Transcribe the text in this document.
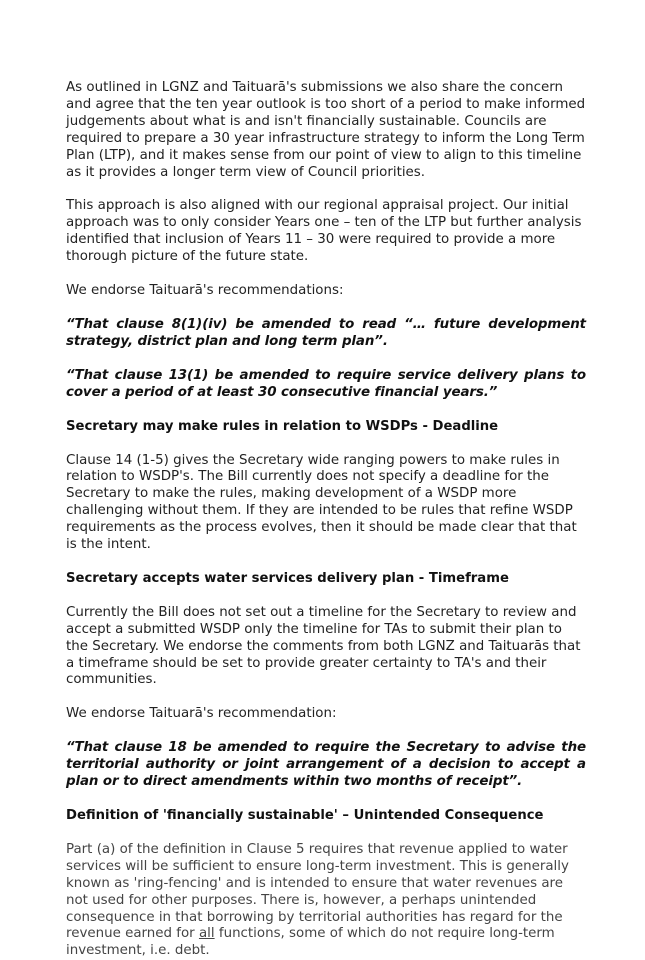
As outlined in LGNZ and Taituarā's submissions we also share the concern and agree that the ten year outlook is too short of a period to make informed judgements about what is and isn't financially sustainable. Councils are required to prepare a 30 year infrastructure strategy to inform the Long Term Plan (LTP), and it makes sense from our point of view to align to this timeline as it provides a longer term view of Council priorities.

This approach is also aligned with our regional appraisal project. Our initial approach was to only consider Years one – ten of the LTP but further analysis identified that inclusion of Years 11 – 30 were required to provide a more thorough picture of the future state.

We endorse Taituarā's recommendations:

“That clause 8(1)(iv) be amended to read “… future development strategy, district plan and long term plan”.

“That clause 13(1) be amended to require service delivery plans to cover a period of at least 30 consecutive financial years.”

Secretary may make rules in relation to WSDPs - Deadline

Clause 14 (1-5) gives the Secretary wide ranging powers to make rules in relation to WSDP's. The Bill currently does not specify a deadline for the Secretary to make the rules, making development of a WSDP more challenging without them. If they are intended to be rules that refine WSDP requirements as the process evolves, then it should be made clear that that is the intent.

Secretary accepts water services delivery plan - Timeframe

Currently the Bill does not set out a timeline for the Secretary to review and accept a submitted WSDP only the timeline for TAs to submit their plan to the Secretary. We endorse the comments from both LGNZ and Taituarās that a timeframe should be set to provide greater certainty to TA's and their communities.

We endorse Taituarā's recommendation:

“That clause 18 be amended to require the Secretary to advise the territorial authority or joint arrangement of a decision to accept a plan or to direct amendments within two months of receipt”.

Definition of 'financially sustainable' – Unintended Consequence

Part (a) of the definition in Clause 5 requires that revenue applied to water services will be sufficient to ensure long-term investment. This is generally known as 'ring-fencing' and is intended to ensure that water revenues are not used for other purposes. There is, however, a perhaps unintended consequence in that borrowing by territorial authorities has regard for the revenue earned for all functions, some of which do not require long-term investment, i.e. debt.
